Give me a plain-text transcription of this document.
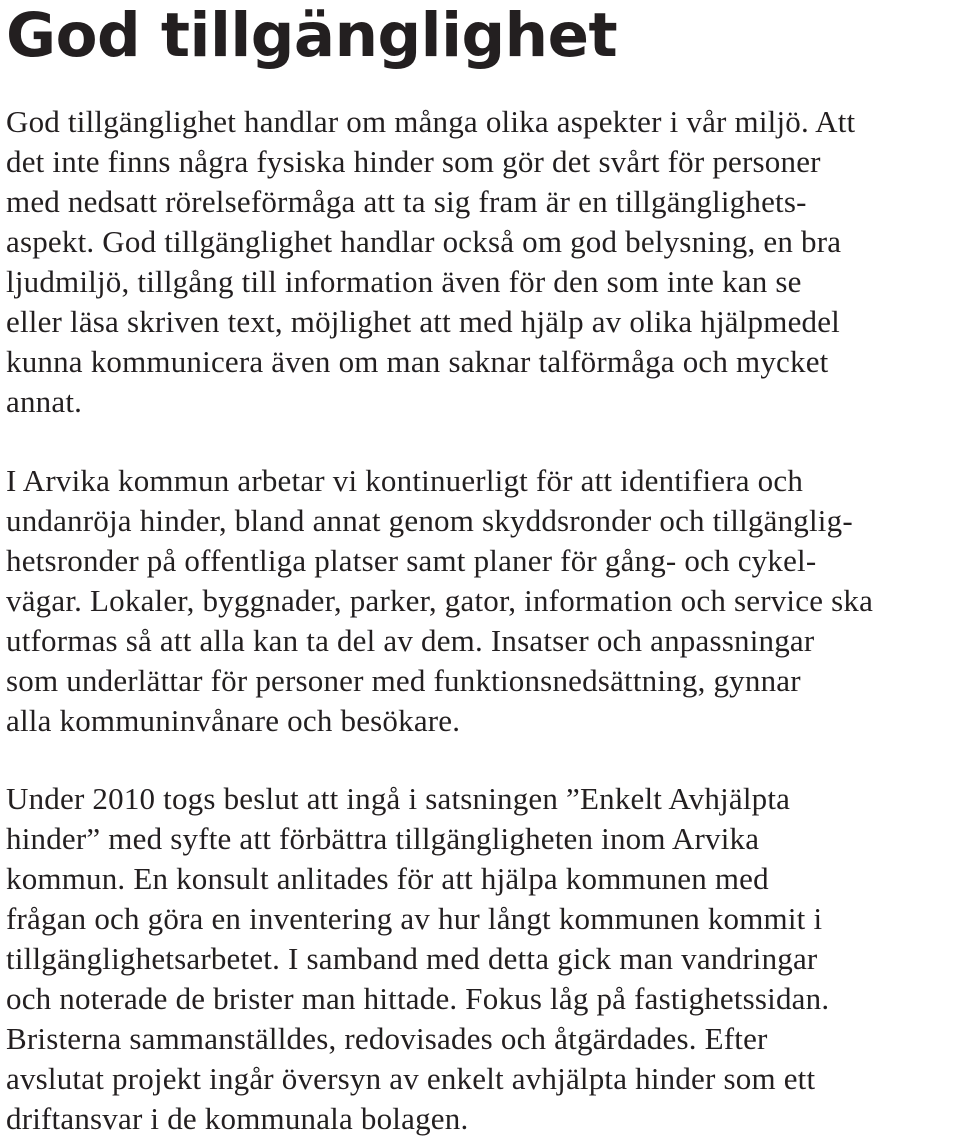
God tillgänglighet

God tillgänglighet handlar om många olika aspekter i vår miljö. Att
det inte finns några fysiska hinder som gör det svårt för personer
med nedsatt rörelseförmåga att ta sig fram är en tillgänglighets-
aspekt. God tillgänglighet handlar också om god belysning, en bra
ljudmiljö, tillgång till information även för den som inte kan se
eller läsa skriven text, möjlighet att med hjälp av olika hjälpmedel
kunna kommunicera även om man saknar talförmåga och mycket
annat.

I Arvika kommun arbetar vi kontinuerligt för att identifiera och
undanröja hinder, bland annat genom skyddsronder och tillgänglig-
hetsronder på offentliga platser samt planer för gång- och cykel-
vägar. Lokaler, byggnader, parker, gator, information och service ska
utformas så att alla kan ta del av dem. Insatser och anpassningar
som underlättar för personer med funktionsnedsättning, gynnar
alla kommuninvånare och besökare.

Under 2010 togs beslut att ingå i satsningen ”Enkelt Avhjälpta
hinder” med syfte att förbättra tillgängligheten inom Arvika
kommun. En konsult anlitades för att hjälpa kommunen med
frågan och göra en inventering av hur långt kommunen kommit i
tillgänglighetsarbetet. I samband med detta gick man vandringar
och noterade de brister man hittade. Fokus låg på fastighetssidan.
Bristerna sammanställdes, redovisades och åtgärdades. Efter
avslutat projekt ingår översyn av enkelt avhjälpta hinder som ett
driftansvar i de kommunala bolagen.
